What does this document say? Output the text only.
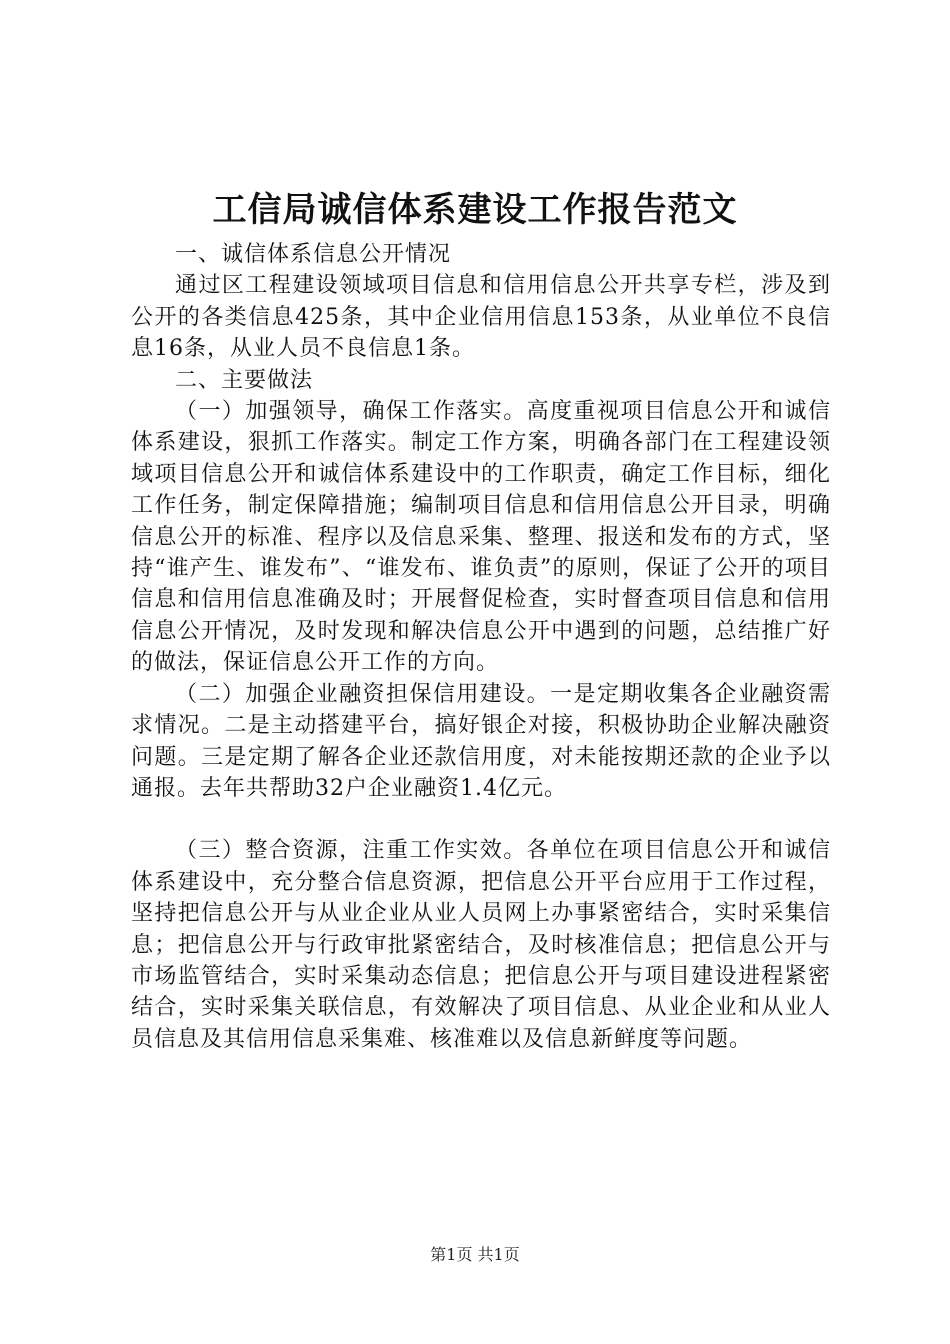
工信局诚信体系建设工作报告范文

一、诚信体系信息公开情况

通过区工程建设领域项目信息和信用信息公开共享专栏，涉及到公开的各类信息425条，其中企业信用信息153条，从业单位不良信息16条，从业人员不良信息1条。

二、主要做法

（一）加强领导，确保工作落实。高度重视项目信息公开和诚信体系建设，狠抓工作落实。制定工作方案，明确各部门在工程建设领域项目信息公开和诚信体系建设中的工作职责，确定工作目标，细化工作任务，制定保障措施；编制项目信息和信用信息公开目录，明确信息公开的标准、程序以及信息采集、整理、报送和发布的方式，坚持“谁产生、谁发布”、“谁发布、谁负责”的原则，保证了公开的项目信息和信用信息准确及时；开展督促检查，实时督查项目信息和信用信息公开情况，及时发现和解决信息公开中遇到的问题，总结推广好的做法，保证信息公开工作的方向。

（二）加强企业融资担保信用建设。一是定期收集各企业融资需求情况。二是主动搭建平台，搞好银企对接，积极协助企业解决融资问题。三是定期了解各企业还款信用度，对未能按期还款的企业予以通报。去年共帮助32户企业融资1.4亿元。

（三）整合资源，注重工作实效。各单位在项目信息公开和诚信体系建设中，充分整合信息资源，把信息公开平台应用于工作过程，坚持把信息公开与从业企业从业人员网上办事紧密结合，实时采集信息；把信息公开与行政审批紧密结合，及时核准信息；把信息公开与市场监管结合，实时采集动态信息；把信息公开与项目建设进程紧密结合，实时采集关联信息，有效解决了项目信息、从业企业和从业人员信息及其信用信息采集难、核准难以及信息新鲜度等问题。

第1页 共1页
